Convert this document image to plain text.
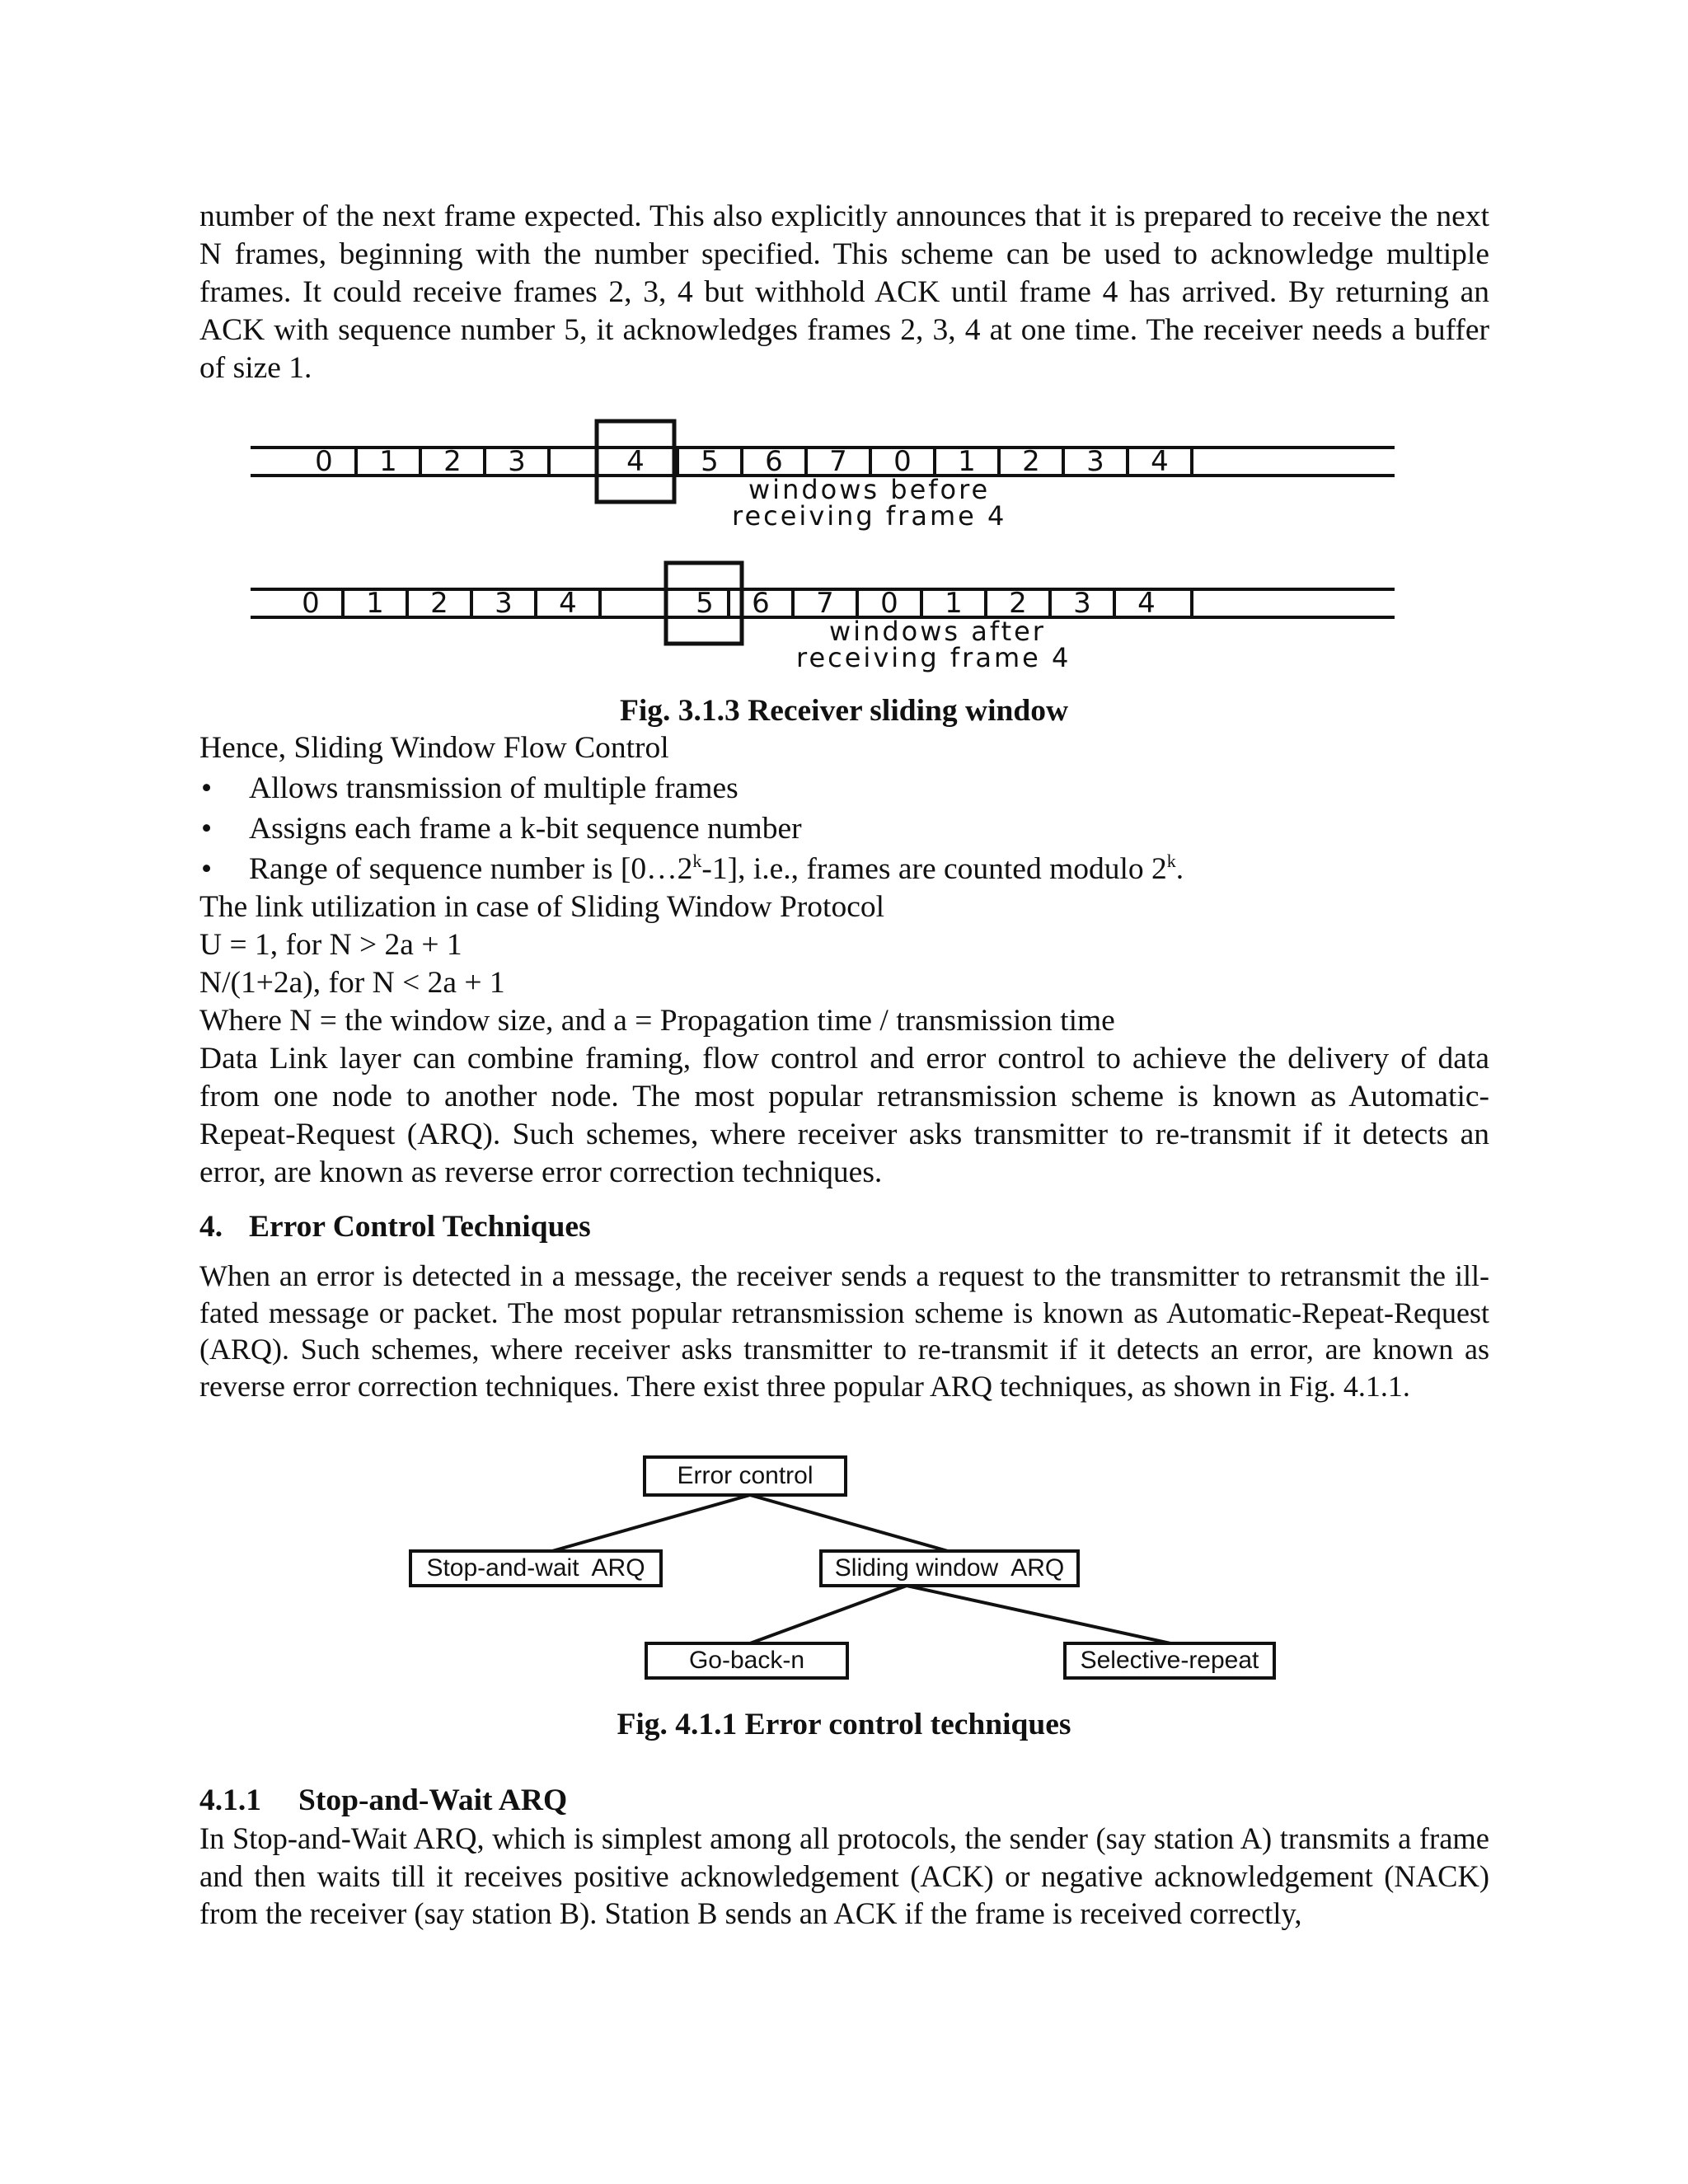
number of the next frame expected. This also explicitly announces that it is prepared to receive the next N frames, beginning with the number specified. This scheme can be used to acknowledge multiple frames. It could receive frames 2, 3, 4 but withhold ACK until frame 4 has arrived. By returning an ACK with sequence number 5, it acknowledges frames 2, 3, 4 at one time. The receiver needs a buffer of size 1.
0	1	2	3	4	5	6	7	0	1	2	3	4
windows before
receiving frame 4
0	1	2	3	4	5	6	7	0	1	2	3	4
windows after
receiving frame 4
Fig. 3.1.3 Receiver sliding window
Hence, Sliding Window Flow Control
• Allows transmission of multiple frames
• Assigns each frame a k-bit sequence number
• Range of sequence number is [0…2$^k$-1], i.e., frames are counted modulo 2$^k$.
The link utilization in case of Sliding Window Protocol
U = 1, for N > 2a + 1
N/(1+2a), for N < 2a + 1
Where N = the window size, and a = Propagation time / transmission time
Data Link layer can combine framing, flow control and error control to achieve the delivery of data from one node to another node. The most popular retransmission scheme is known as Automatic-Repeat-Request (ARQ). Such schemes, where receiver asks transmitter to re-transmit if it detects an error, are known as reverse error correction techniques.
4. Error Control Techniques
When an error is detected in a message, the receiver sends a request to the transmitter to retransmit the ill-fated message or packet. The most popular retransmission scheme is known as Automatic-Repeat-Request (ARQ). Such schemes, where receiver asks transmitter to re-transmit if it detects an error, are known as reverse error correction techniques. There exist three popular ARQ techniques, as shown in Fig. 4.1.1.
Error control
Stop-and-wait  ARQ	Sliding window  ARQ
Go-back-n	Selective-repeat
Fig. 4.1.1 Error control techniques
4.1.1 Stop-and-Wait ARQ
In Stop-and-Wait ARQ, which is simplest among all protocols, the sender (say station A) transmits a frame and then waits till it receives positive acknowledgement (ACK) or negative acknowledgement (NACK) from the receiver (say station B). Station B sends an ACK if the frame is received correctly,
